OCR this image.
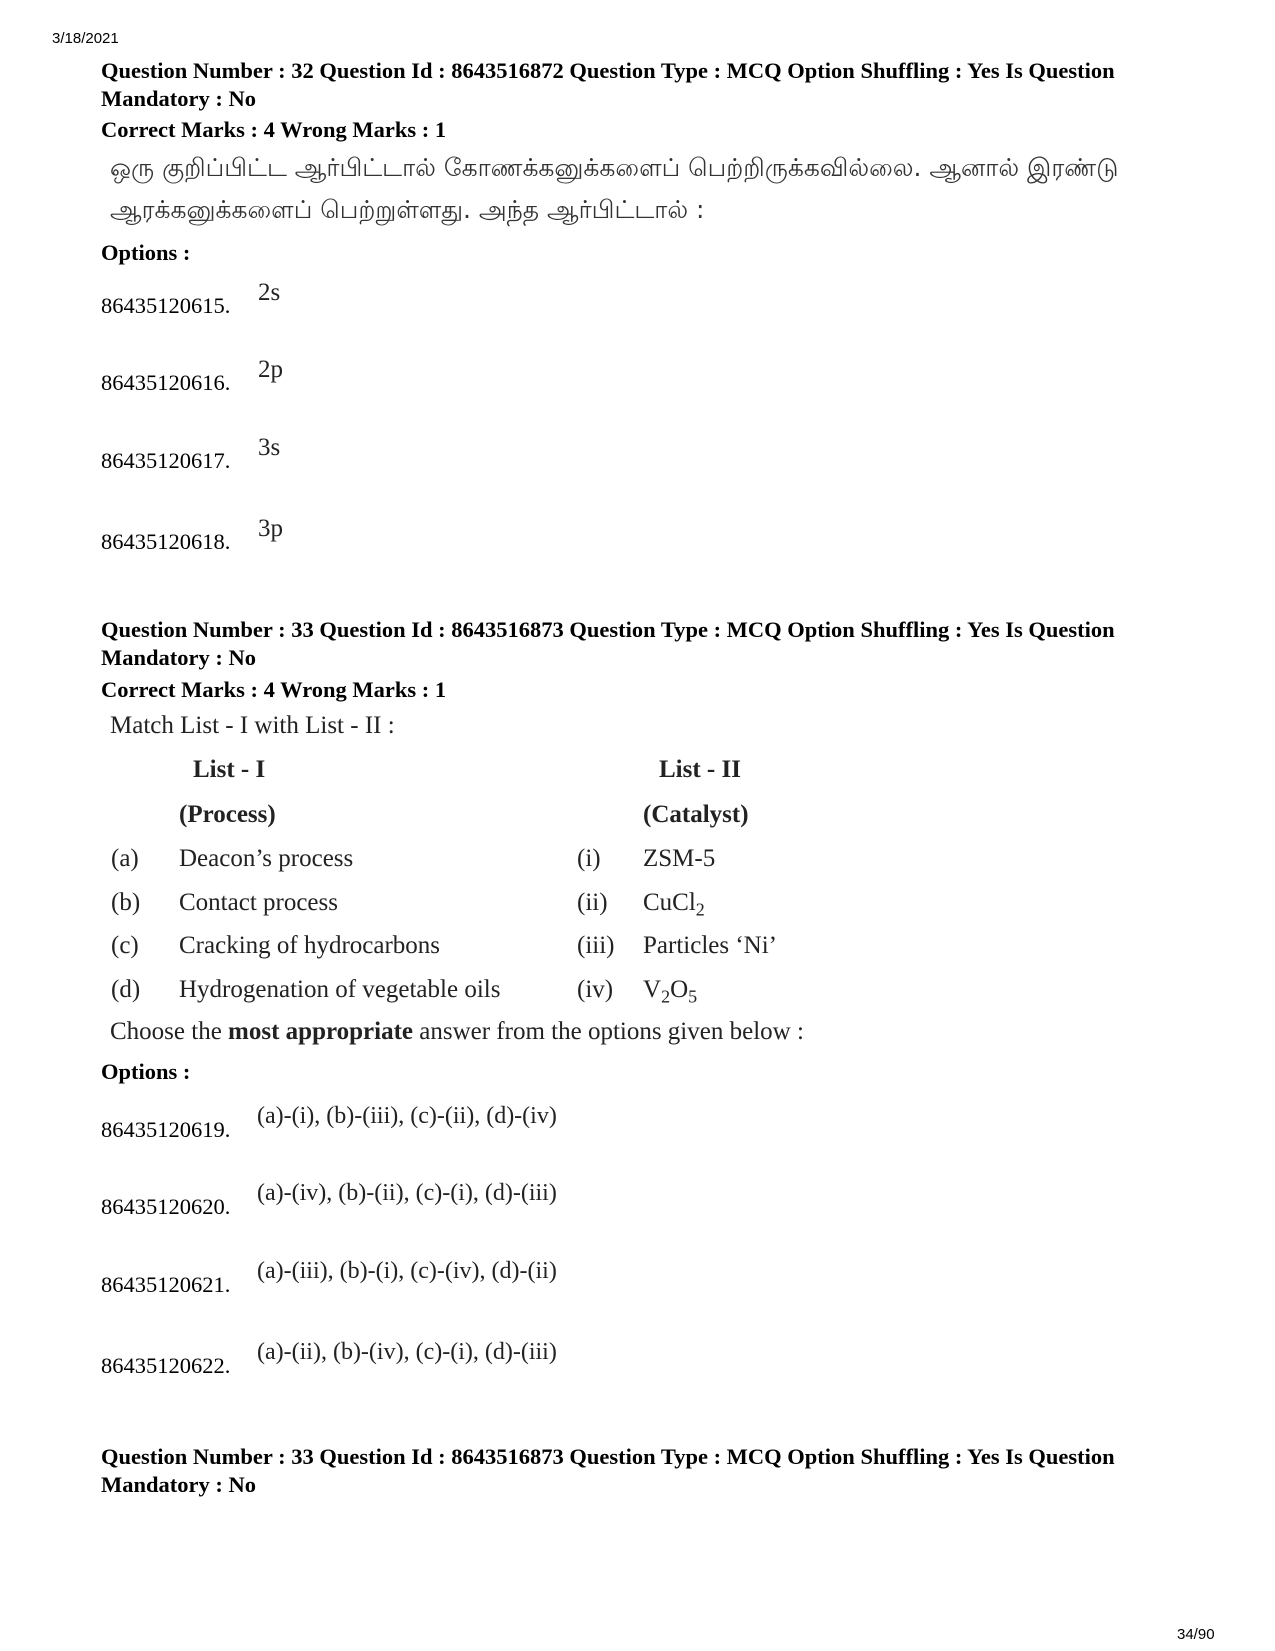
3/18/2021
Question Number : 32 Question Id : 8643516872 Question Type : MCQ Option Shuffling : Yes Is Question Mandatory : No
Correct Marks : 4 Wrong Marks : 1
ஒரு குறிப்பிட்ட ஆர்பிட்டால் கோணக்கனுக்களைப் பெற்றிருக்கவில்லை. ஆனால் இரண்டு ஆரக்கனுக்களைப் பெற்றுள்ளது. அந்த ஆர்பிட்டால் :
Options :
86435120615. 2s
86435120616. 2p
86435120617. 3s
86435120618. 3p
Question Number : 33 Question Id : 8643516873 Question Type : MCQ Option Shuffling : Yes Is Question Mandatory : No
Correct Marks : 4 Wrong Marks : 1
Match List - I with List - II :
List - I	List - II
(Process)	(Catalyst)
(a) Deacon’s process	(i) ZSM-5
(b) Contact process	(ii) CuCl$_2$
(c) Cracking of hydrocarbons	(iii) Particles ‘Ni’
(d) Hydrogenation of vegetable oils	(iv) $V_2O_5$
Choose the most appropriate answer from the options given below :
Options :
86435120619.
(a)-(i), (b)-(iii), (c)-(ii), (d)-(iv)
86435120620.
(a)-(iv), (b)-(ii), (c)-(i), (d)-(iii)
86435120621.
(a)-(iii), (b)-(i), (c)-(iv), (d)-(ii)
86435120622.
(a)-(ii), (b)-(iv), (c)-(i), (d)-(iii)
Question Number : 33 Question Id : 8643516873 Question Type : MCQ Option Shuffling : Yes Is Question Mandatory : No
34/90
